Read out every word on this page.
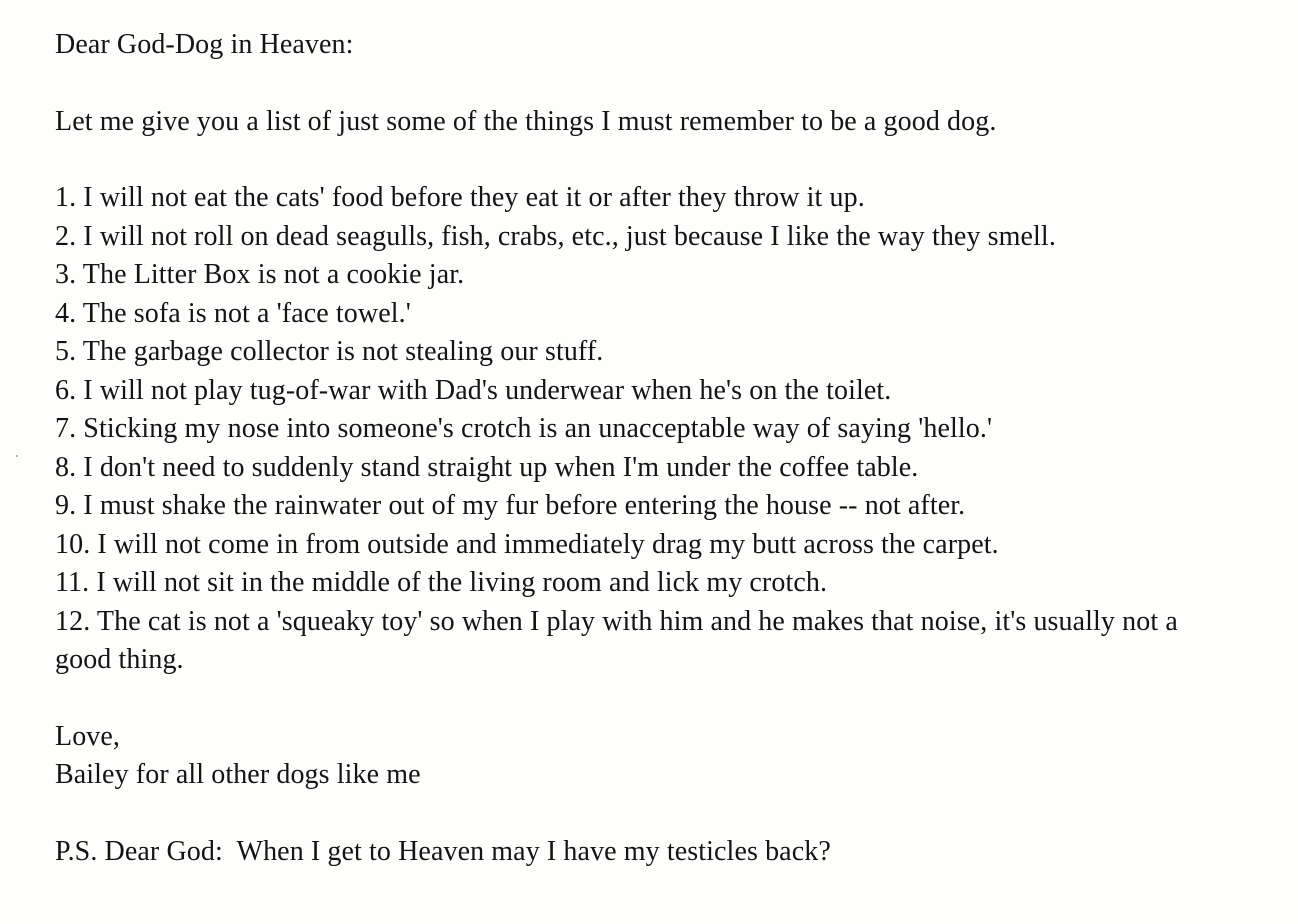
Dear God-Dog in Heaven:

Let me give you a list of just some of the things I must remember to be a good dog.

1. I will not eat the cats' food before they eat it or after they throw it up.
2. I will not roll on dead seagulls, fish, crabs, etc., just because I like the way they smell.
3. The Litter Box is not a cookie jar.
4. The sofa is not a 'face towel.'
5. The garbage collector is not stealing our stuff.
6. I will not play tug-of-war with Dad's underwear when he's on the toilet.
7. Sticking my nose into someone's crotch is an unacceptable way of saying 'hello.'
8. I don't need to suddenly stand straight up when I'm under the coffee table.
9. I must shake the rainwater out of my fur before entering the house -- not after.
10. I will not come in from outside and immediately drag my butt across the carpet.
11. I will not sit in the middle of the living room and lick my crotch.
12. The cat is not a 'squeaky toy' so when I play with him and he makes that noise, it's usually not a good thing.

Love,

Bailey for all other dogs like me

P.S. Dear God:  When I get to Heaven may I have my testicles back?
